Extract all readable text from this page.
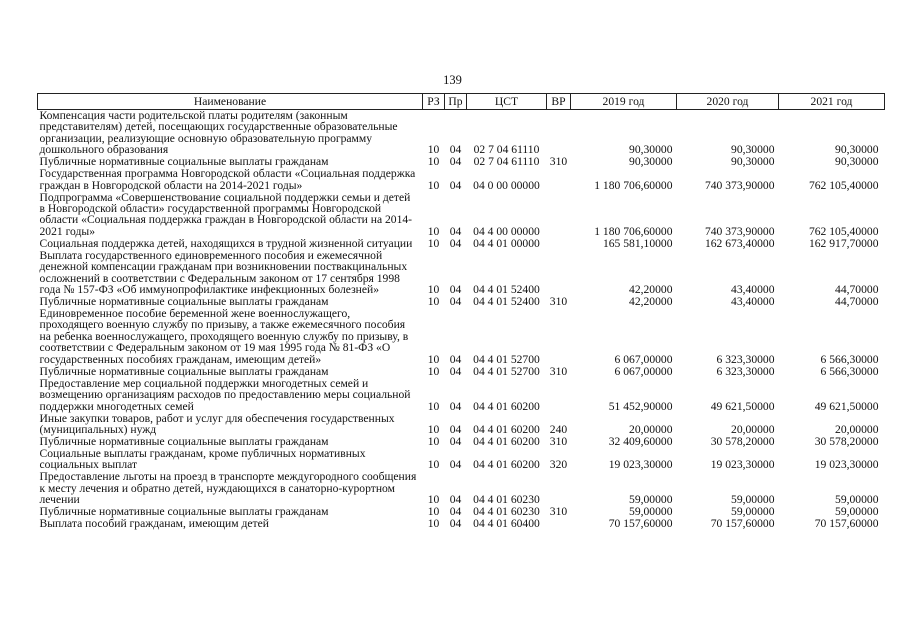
139
Наименование	РЗ	Пр	ЦСТ	ВР	2019 год	2020 год	2021 год
Компенсация части родительской платы родителям (законным представителям) детей, посещающих государственные образовательные организации, реализующие основную образовательную программу дошкольного образования	10	04	02 7 04 61110		90,30000	90,30000	90,30000
Публичные нормативные социальные выплаты гражданам	10	04	02 7 04 61110	310	90,30000	90,30000	90,30000
Государственная программа Новгородской области «Социальная поддержка граждан в Новгородской области на 2014-2021 годы»	10	04	04 0 00 00000		1 180 706,60000	740 373,90000	762 105,40000
Подпрограмма «Совершенствование социальной поддержки семьи и детей в Новгородской области» государственной программы Новгородской области «Социальная поддержка граждан в Новгородской области на 2014-2021 годы»	10	04	04 4 00 00000		1 180 706,60000	740 373,90000	762 105,40000
Социальная поддержка детей, находящихся в трудной жизненной ситуации	10	04	04 4 01 00000		165 581,10000	162 673,40000	162 917,70000
Выплата государственного единовременного пособия и ежемесячной денежной компенсации гражданам при возникновении поствакцинальных осложнений в соответствии с Федеральным законом от 17 сентября 1998 года № 157-ФЗ «Об иммунопрофилактике инфекционных болезней»	10	04	04 4 01 52400		42,20000	43,40000	44,70000
Публичные нормативные социальные выплаты гражданам	10	04	04 4 01 52400	310	42,20000	43,40000	44,70000
Единовременное пособие беременной жене военнослужащего, проходящего военную службу по призыву, а также ежемесячного пособия на ребенка военнослужащего, проходящего военную службу по призыву, в соответствии с Федеральным законом от 19 мая 1995 года № 81-ФЗ «О государственных пособиях гражданам, имеющим детей»	10	04	04 4 01 52700		6 067,00000	6 323,30000	6 566,30000
Публичные нормативные социальные выплаты гражданам	10	04	04 4 01 52700	310	6 067,00000	6 323,30000	6 566,30000
Предоставление мер социальной поддержки многодетных семей и возмещению организациям расходов по предоставлению меры социальной поддержки многодетных семей	10	04	04 4 01 60200		51 452,90000	49 621,50000	49 621,50000
Иные закупки товаров, работ и услуг для обеспечения государственных (муниципальных) нужд	10	04	04 4 01 60200	240	20,00000	20,00000	20,00000
Публичные нормативные социальные выплаты гражданам	10	04	04 4 01 60200	310	32 409,60000	30 578,20000	30 578,20000
Социальные выплаты гражданам, кроме публичных нормативных социальных выплат	10	04	04 4 01 60200	320	19 023,30000	19 023,30000	19 023,30000
Предоставление льготы на проезд в транспорте междугородного сообщения к месту лечения и обратно детей, нуждающихся в санаторно-курортном лечении	10	04	04 4 01 60230		59,00000	59,00000	59,00000
Публичные нормативные социальные выплаты гражданам	10	04	04 4 01 60230	310	59,00000	59,00000	59,00000
Выплата пособий гражданам, имеющим детей	10	04	04 4 01 60400		70 157,60000	70 157,60000	70 157,60000
